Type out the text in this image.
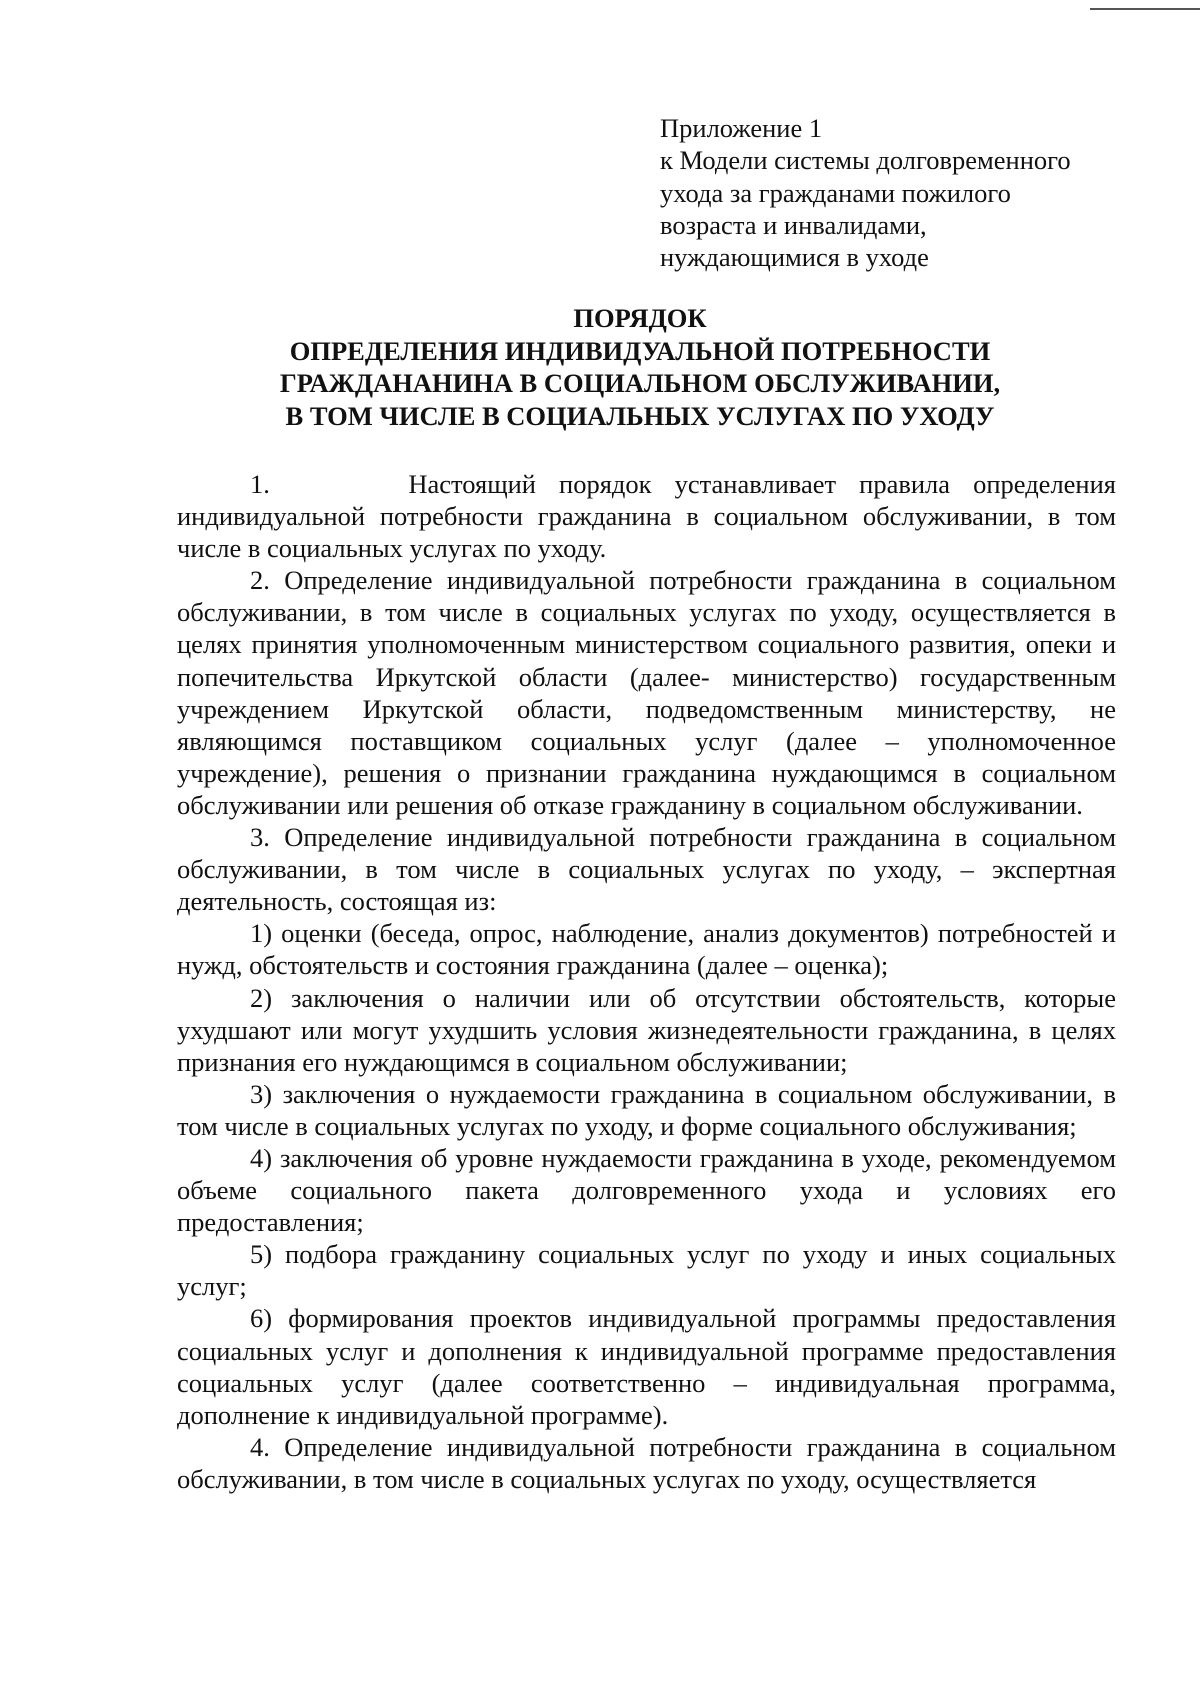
Приложение 1
к Модели системы долговременного
ухода за гражданами пожилого
возраста и инвалидами,
нуждающимися в уходе
ПОРЯДОК
ОПРЕДЕЛЕНИЯ ИНДИВИДУАЛЬНОЙ ПОТРЕБНОСТИ
ГРАЖДАНАНИНА В СОЦИАЛЬНОМ ОБСЛУЖИВАНИИ,
В ТОМ ЧИСЛЕ В СОЦИАЛЬНЫХ УСЛУГАХ ПО УХОДУ

1.      Настоящий порядок устанавливает правила определения индивидуальной потребности гражданина в социальном обслуживании, в том числе в социальных услугах по уходу.

2. Определение индивидуальной потребности гражданина в социальном обслуживании, в том числе в социальных услугах по уходу, осуществляется в целях принятия уполномоченным министерством социального развития, опеки и попечительства Иркутской области (далее- министерство) государственным учреждением Иркутской области, подведомственным министерству, не являющимся поставщиком социальных услуг (далее – уполномоченное учреждение), решения о признании гражданина нуждающимся в социальном обслуживании или решения об отказе гражданину в социальном обслуживании.

3. Определение индивидуальной потребности гражданина в социальном обслуживании, в том числе в социальных услугах по уходу, – экспертная деятельность, состоящая из:

1) оценки (беседа, опрос, наблюдение, анализ документов) потребностей и нужд, обстоятельств и состояния гражданина (далее – оценка);

2) заключения о наличии или об отсутствии обстоятельств, которые ухудшают или могут ухудшить условия жизнедеятельности гражданина, в целях признания его нуждающимся в социальном обслуживании;

3) заключения о нуждаемости гражданина в социальном обслуживании, в том числе в социальных услугах по уходу, и форме социального обслуживания;

4) заключения об уровне нуждаемости гражданина в уходе, рекомендуемом объеме социального пакета долговременного ухода и условиях его предоставления;

5) подбора гражданину социальных услуг по уходу и иных социальных услуг;

6) формирования проектов индивидуальной программы предоставления социальных услуг и дополнения к индивидуальной программе предоставления социальных услуг (далее соответственно – индивидуальная программа, дополнение к индивидуальной программе).

4. Определение индивидуальной потребности гражданина в социальном обслуживании, в том числе в социальных услугах по уходу, осуществляется
